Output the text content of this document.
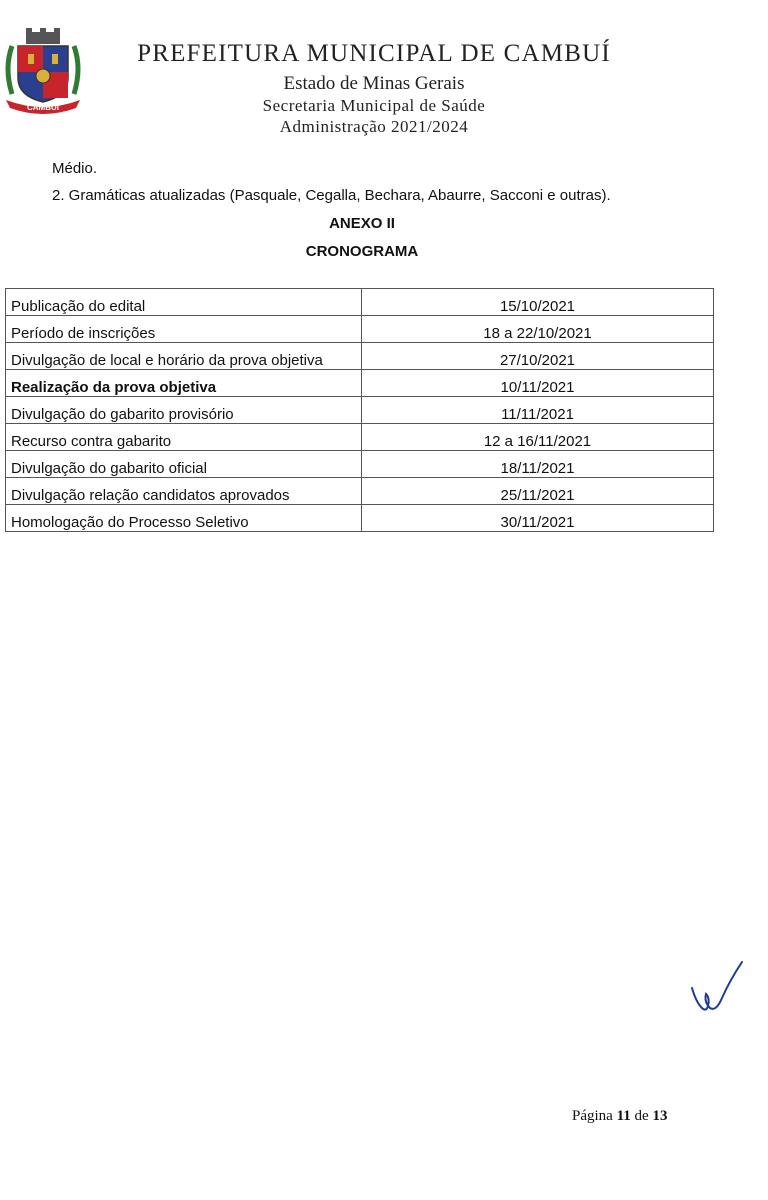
CAMBUÍ
PREFEITURA MUNICIPAL DE CAMBUÍ
Estado de Minas Gerais
Secretaria Municipal de Saúde
Administração 2021/2024
Médio.
2. Gramáticas atualizadas (Pasquale, Cegalla, Bechara, Abaurre, Sacconi e outras).
ANEXO II
CRONOGRAMA
Publicação do edital	15/10/2021
Período de inscrições	18 a 22/10/2021
Divulgação de local e horário da prova objetiva	27/10/2021
Realização da prova objetiva	10/11/2021
Divulgação do gabarito provisório	11/11/2021
Recurso contra gabarito	12 a 16/11/2021
Divulgação do gabarito oficial	18/11/2021
Divulgação relação candidatos aprovados	25/11/2021
Homologação do Processo Seletivo	30/11/2021
Página 11 de 13
